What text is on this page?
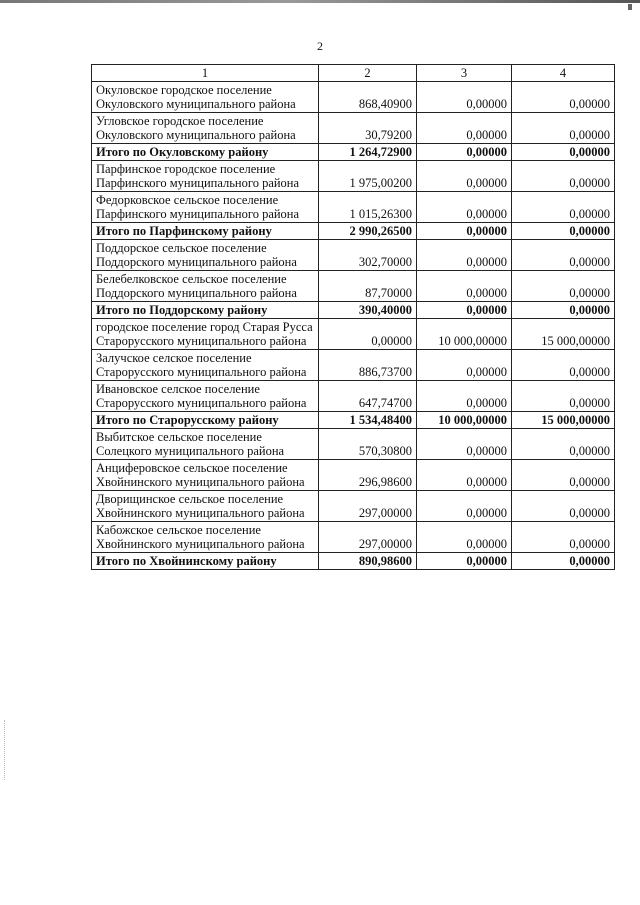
2
1	2	3	4
Окуловское городское поселение Окуловского муниципального района	868,40900	0,00000	0,00000
Угловское городское поселение Окуловского муниципального района	30,79200	0,00000	0,00000
Итого по Окуловскому району	1 264,72900	0,00000	0,00000
Парфинское городское поселение Парфинского муниципального района	1 975,00200	0,00000	0,00000
Федорковское сельское поселение Парфинского муниципального района	1 015,26300	0,00000	0,00000
Итого по Парфинскому району	2 990,26500	0,00000	0,00000
Поддорское сельское поселение Поддорского муниципального района	302,70000	0,00000	0,00000
Белебелковское сельское поселение Поддорского муниципального района	87,70000	0,00000	0,00000
Итого по Поддорскому району	390,40000	0,00000	0,00000
городское поселение город Старая Русса Старорусского муниципального района	0,00000	10 000,00000	15 000,00000
Залучское селское поселение Старорусского муниципального района	886,73700	0,00000	0,00000
Ивановское селское поселение Старорусского муниципального района	647,74700	0,00000	0,00000
Итого по Старорусскому району	1 534,48400	10 000,00000	15 000,00000
Выбитское сельское поселение Солецкого муниципального района	570,30800	0,00000	0,00000
Анциферовское сельское поселение Хвойнинского муниципального района	296,98600	0,00000	0,00000
Дворищинское сельское поселение Хвойнинского муниципального района	297,00000	0,00000	0,00000
Кабожское сельское поселение Хвойнинского муниципального района	297,00000	0,00000	0,00000
Итого по Хвойнинскому району	890,98600	0,00000	0,00000
